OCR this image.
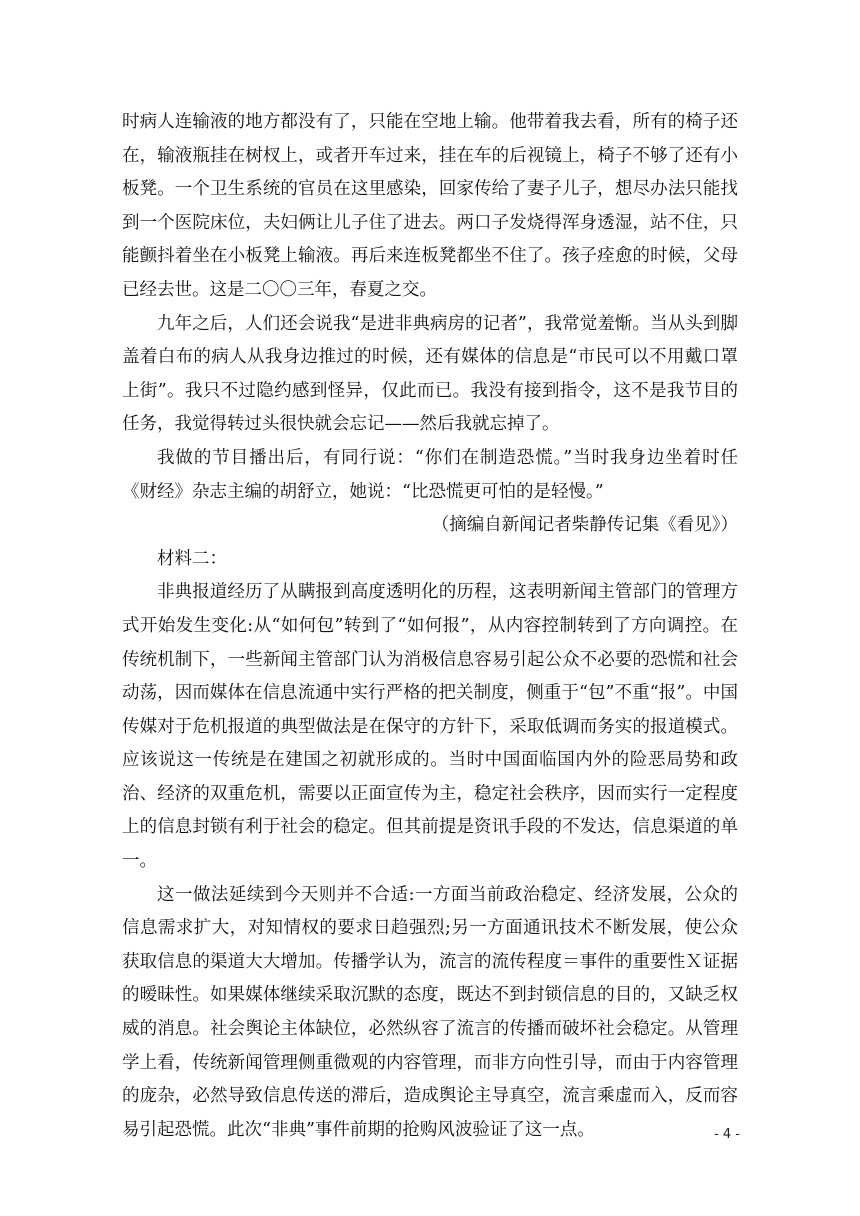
时病人连输液的地方都没有了，只能在空地上输。他带着我去看，所有的椅子还在，输液瓶挂在树杈上，或者开车过来，挂在车的后视镜上，椅子不够了还有小板凳。一个卫生系统的官员在这里感染，回家传给了妻子儿子，想尽办法只能找到一个医院床位，夫妇俩让儿子住了进去。两口子发烧得浑身透湿，站不住，只能颤抖着坐在小板凳上输液。再后来连板凳都坐不住了。孩子痊愈的时候，父母已经去世。这是二〇〇三年，春夏之交。

九年之后，人们还会说我“是进非典病房的记者”，我常觉羞惭。当从头到脚盖着白布的病人从我身边推过的时候，还有媒体的信息是“市民可以不用戴口罩上街”。我只不过隐约感到怪异，仅此而已。我没有接到指令，这不是我节目的任务，我觉得转过头很快就会忘记——然后我就忘掉了。

我做的节目播出后，有同行说：“你们在制造恐慌。”当时我身边坐着时任《财经》杂志主编的胡舒立，她说：“比恐慌更可怕的是轻慢。”

（摘编自新闻记者柴静传记集《看见》）

材料二：

非典报道经历了从瞒报到高度透明化的历程，这表明新闻主管部门的管理方式开始发生变化:从“如何包”转到了“如何报”，从内容控制转到了方向调控。在传统机制下，一些新闻主管部门认为消极信息容易引起公众不必要的恐慌和社会动荡，因而媒体在信息流通中实行严格的把关制度，侧重于“包”不重“报”。中国传媒对于危机报道的典型做法是在保守的方针下，采取低调而务实的报道模式。应该说这一传统是在建国之初就形成的。当时中国面临国内外的险恶局势和政治、经济的双重危机，需要以正面宣传为主，稳定社会秩序，因而实行一定程度上的信息封锁有利于社会的稳定。但其前提是资讯手段的不发达，信息渠道的单一。

这一做法延续到今天则并不合适:一方面当前政治稳定、经济发展，公众的信息需求扩大，对知情权的要求日趋强烈;另一方面通讯技术不断发展，使公众获取信息的渠道大大增加。传播学认为，流言的流传程度＝事件的重要性Ｘ证据的暧昧性。如果媒体继续采取沉默的态度，既达不到封锁信息的目的，又缺乏权威的消息。社会舆论主体缺位，必然纵容了流言的传播而破坏社会稳定。从管理学上看，传统新闻管理侧重微观的内容管理，而非方向性引导，而由于内容管理的庞杂，必然导致信息传送的滞后，造成舆论主导真空，流言乘虚而入，反而容易引起恐慌。此次“非典”事件前期的抢购风波验证了这一点。	- 4 -
